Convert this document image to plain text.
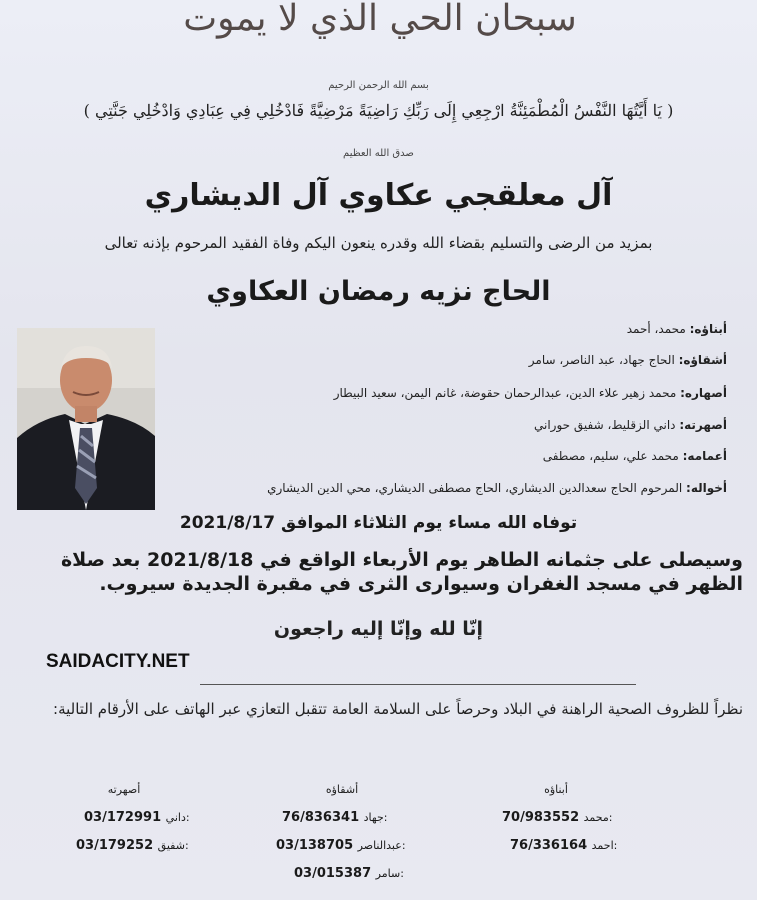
سبحان الحي الذي لا يموت
بسم الله الرحمن الرحيم
( يَا أَيَّتُهَا النَّفْسُ الْمُطْمَئِنَّةُ ارْجِعِي إِلَى رَبِّكِ رَاضِيَةً مَرْضِيَّةً فَادْخُلِي فِي عِبَادِي وَادْخُلِي جَنَّتِي )
صدق الله العظيم
آل معلقجي عكاوي آل الديشاري
بمزيد من الرضى والتسليم بقضاء الله وقدره ينعون اليكم وفاة الفقيد المرحوم بإذنه تعالى
الحاج نزيه رمضان العكاوي
أبناؤه: محمد، أحمد
أشقاؤه: الحاج جهاد، عبد الناصر، سامر
أصهاره: محمد زهير علاء الدين، عبدالرحمان حقوضة، غانم اليمن، سعيد البيطار
أصهرته: داني الزقليط، شفيق حوراني
أعمامه: محمد علي، سليم، مصطفى
أخواله: المرحوم الحاج سعدالدين الديشاري، الحاج مصطفى الديشاري، محي الدين الديشاري
توفاه الله مساء يوم الثلاثاء الموافق 2021/8/17
وسيصلى على جثمانه الطاهر يوم الأربعاء الواقع في 2021/8/18 بعد صلاة الظهر في مسجد الغفران وسيوارى الثرى في مقبرة الجديدة سيروب.
إنّا لله وإنّا إليه راجعون
SAIDACITY.NET
نظراً للظروف الصحية الراهنة في البلاد وحرصاً على السلامة العامة تتقبل التعازي عبر الهاتف على الأرقام التالية:
أبناؤه
أشقاؤه
أصهرته
70/983552 محمد:
76/336164 احمد:
76/836341 جهاد:
03/138705 عبدالناصر:
03/015387 سامر:
03/172991 داني:
03/179252 شفيق:
